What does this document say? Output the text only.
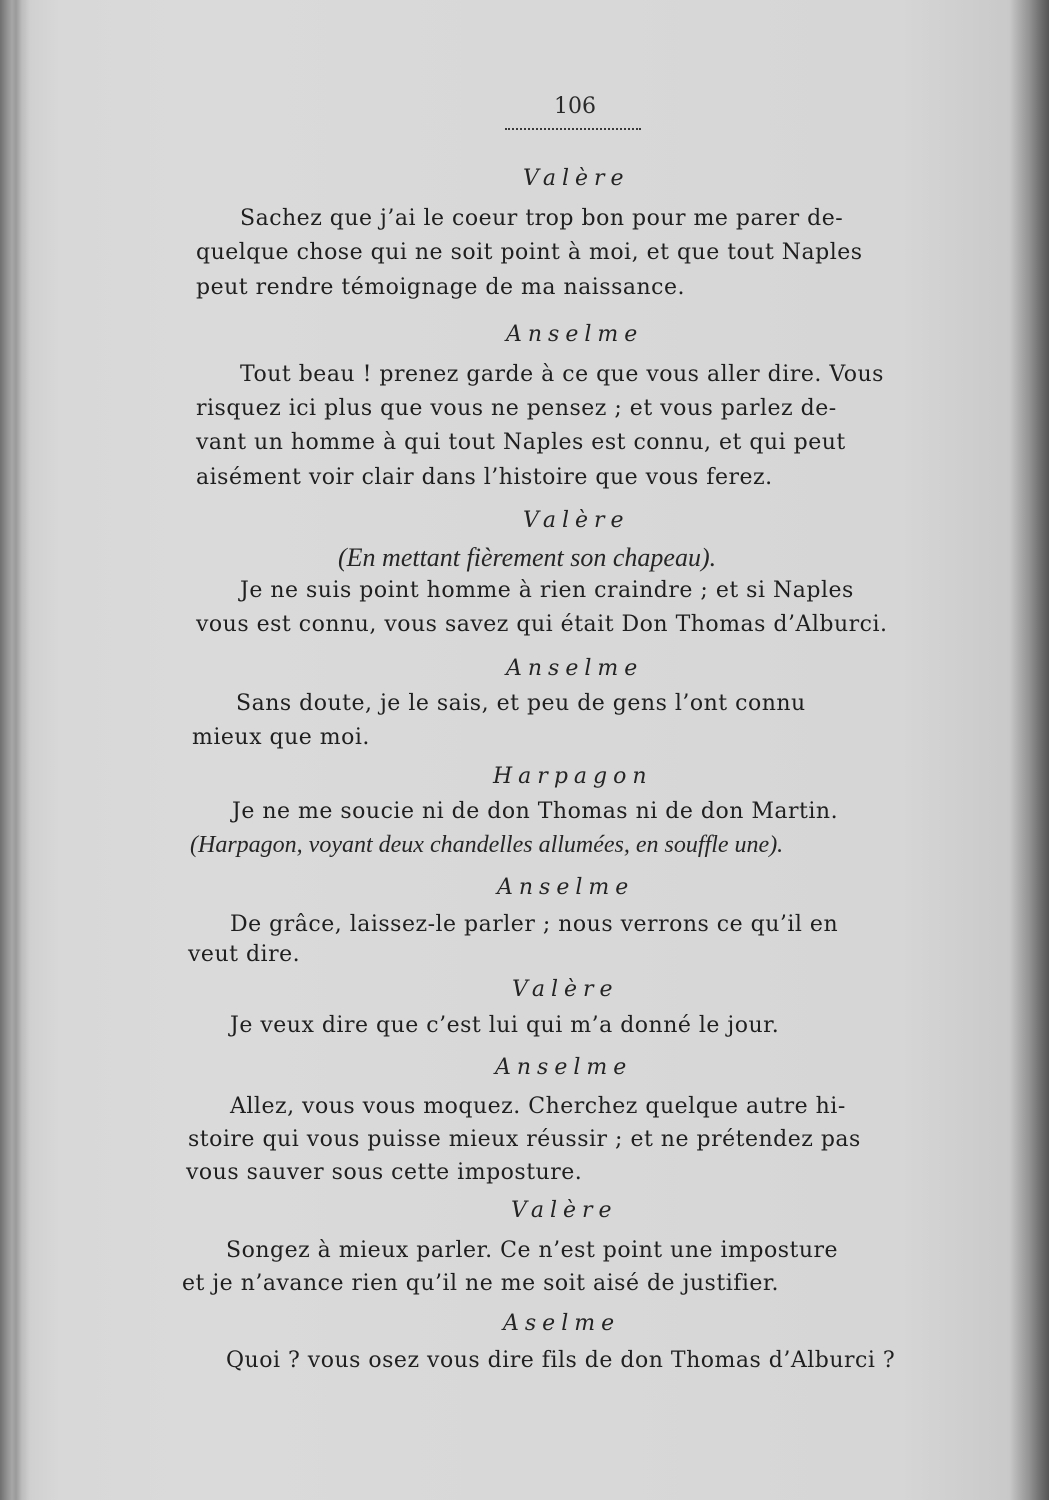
106
Valère
Sachez que j’ai le coeur trop bon pour me parer de-
quelque chose qui ne soit point à moi, et que tout Naples
peut rendre témoignage de ma naissance.
Anselme
Tout beau ! prenez garde à ce que vous aller dire. Vous
risquez ici plus que vous ne pensez ; et vous parlez de-
vant un homme à qui tout Naples est connu, et qui peut
aisément voir clair dans l’histoire que vous ferez.
Valère
(En mettant fièrement son chapeau).
Je ne suis point homme à rien craindre ; et si Naples
vous est connu, vous savez qui était Don Thomas d’Alburci.
Anselme
Sans doute, je le sais, et peu de gens l’ont connu
mieux que moi.
Harpagon
Je ne me soucie ni de don Thomas ni de don Martin.
(Harpagon, voyant deux chandelles allumées, en souffle une).
Anselme
De grâce, laissez-le parler ; nous verrons ce qu’il en
veut dire.
Valère
Je veux dire que c’est lui qui m’a donné le jour.
Anselme
Allez, vous vous moquez. Cherchez quelque autre hi-
stoire qui vous puisse mieux réussir ; et ne prétendez pas
vous sauver sous cette imposture.
Valère
Songez à mieux parler. Ce n’est point une imposture
et je n’avance rien qu’il ne me soit aisé de justifier.
Aselme
Quoi ? vous osez vous dire fils de don Thomas d’Alburci ?
